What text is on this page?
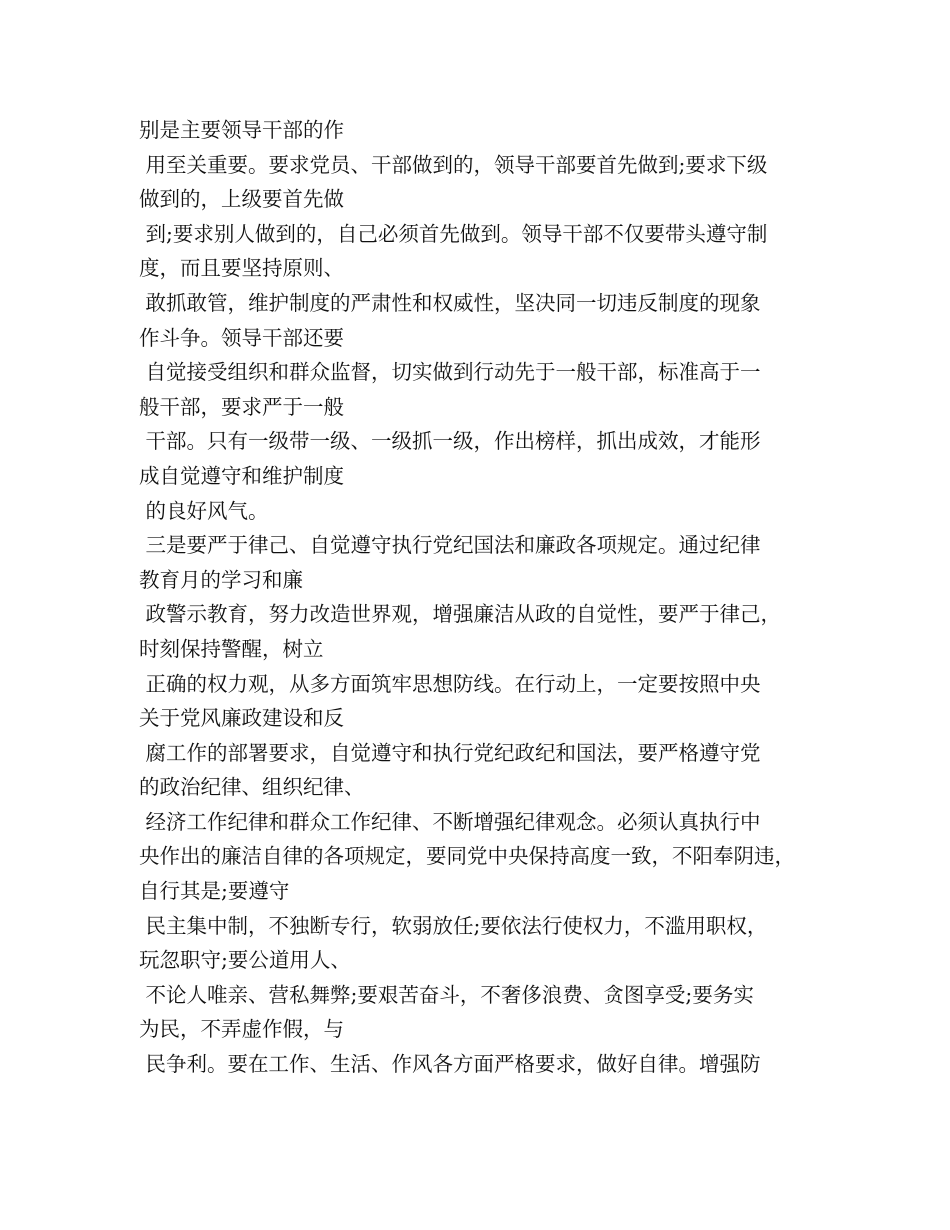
别是主要领导干部的作
用至关重要。要求党员、干部做到的，领导干部要首先做到;要求下级
做到的，上级要首先做
到;要求别人做到的，自己必须首先做到。领导干部不仅要带头遵守制
度，而且要坚持原则、
敢抓敢管，维护制度的严肃性和权威性，坚决同一切违反制度的现象
作斗争。领导干部还要
自觉接受组织和群众监督，切实做到行动先于一般干部，标准高于一
般干部，要求严于一般
干部。只有一级带一级、一级抓一级，作出榜样，抓出成效，才能形
成自觉遵守和维护制度
的良好风气。
三是要严于律己、自觉遵守执行党纪国法和廉政各项规定。通过纪律
教育月的学习和廉
政警示教育，努力改造世界观，增强廉洁从政的自觉性，要严于律己，
时刻保持警醒，树立
正确的权力观，从多方面筑牢思想防线。在行动上，一定要按照中央
关于党风廉政建设和反
腐工作的部署要求，自觉遵守和执行党纪政纪和国法，要严格遵守党
的政治纪律、组织纪律、
经济工作纪律和群众工作纪律、不断增强纪律观念。必须认真执行中
央作出的廉洁自律的各项规定，要同党中央保持高度一致，不阳奉阴违，
自行其是;要遵守
民主集中制，不独断专行，软弱放任;要依法行使权力，不滥用职权，
玩忽职守;要公道用人、
不论人唯亲、营私舞弊;要艰苦奋斗，不奢侈浪费、贪图享受;要务实
为民，不弄虚作假，与
民争利。要在工作、生活、作风各方面严格要求，做好自律。增强防
